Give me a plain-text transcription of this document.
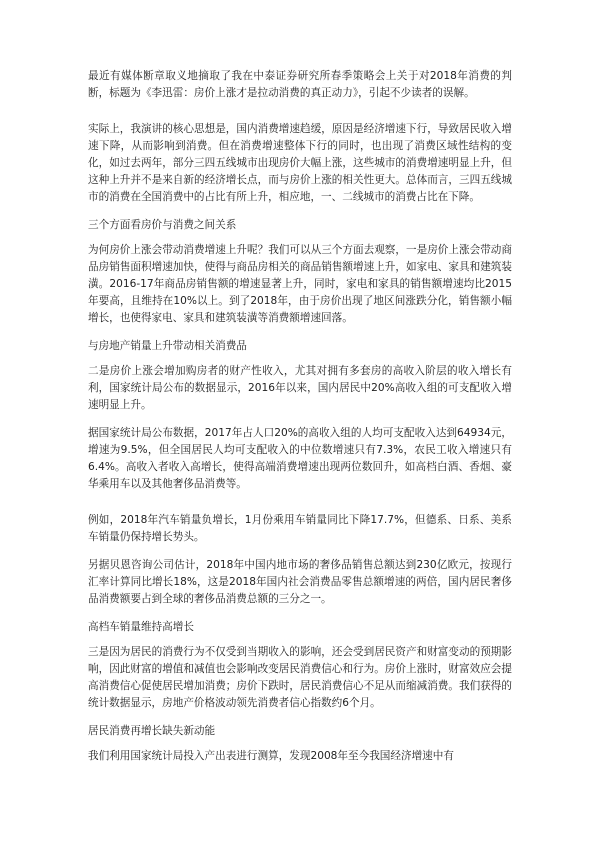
最近有媒体断章取义地摘取了我在中泰证券研究所春季策略会上关于对2018年消费的判断，标题为《李迅雷：房价上涨才是拉动消费的真正动力》，引起不少读者的误解。

实际上，我演讲的核心思想是，国内消费增速趋缓，原因是经济增速下行，导致居民收入增速下降，从而影响到消费。但在消费增速整体下行的同时，也出现了消费区域性结构的变化，如过去两年，部分三四五线城市出现房价大幅上涨，这些城市的消费增速明显上升，但这种上升并不是来自新的经济增长点，而与房价上涨的相关性更大。总体而言，三四五线城市的消费在全国消费中的占比有所上升，相应地，一、二线城市的消费占比在下降。

三个方面看房价与消费之间关系

为何房价上涨会带动消费增速上升呢？我们可以从三个方面去观察，一是房价上涨会带动商品房销售面积增速加快，使得与商品房相关的商品销售额增速上升，如家电、家具和建筑装潢。2016-17年商品房销售额的增速显著上升，同时，家电和家具的销售额增速均比2015年要高，且维持在10%以上。到了2018年，由于房价出现了地区间涨跌分化，销售额小幅增长，也使得家电、家具和建筑装潢等消费额增速回落。

与房地产销量上升带动相关消费品

二是房价上涨会增加购房者的财产性收入，尤其对拥有多套房的高收入阶层的收入增长有利，国家统计局公布的数据显示，2016年以来，国内居民中20%高收入组的可支配收入增速明显上升。

据国家统计局公布数据，2017年占人口20%的高收入组的人均可支配收入达到64934元，增速为9.5%，但全国居民人均可支配收入的中位数增速只有7.3%，农民工收入增速只有6.4%。高收入者收入高增长，使得高端消费增速出现两位数回升，如高档白酒、香烟、豪华乘用车以及其他奢侈品消费等。

例如，2018年汽车销量负增长，1月份乘用车销量同比下降17.7%，但德系、日系、美系车销量仍保持增长势头。

另据贝恩咨询公司估计，2018年中国内地市场的奢侈品销售总额达到230亿欧元，按现行汇率计算同比增长18%，这是2018年国内社会消费品零售总额增速的两倍，国内居民奢侈品消费额要占到全球的奢侈品消费总额的三分之一。

高档车销量维持高增长

三是因为居民的消费行为不仅受到当期收入的影响，还会受到居民资产和财富变动的预期影响，因此财富的增值和减值也会影响改变居民消费信心和行为。房价上涨时，财富效应会提高消费信心促使居民增加消费；房价下跌时，居民消费信心不足从而缩减消费。我们获得的统计数据显示，房地产价格波动领先消费者信心指数约6个月。

居民消费再增长缺失新动能

我们利用国家统计局投入产出表进行测算，发现2008年至今我国经济增速中有
